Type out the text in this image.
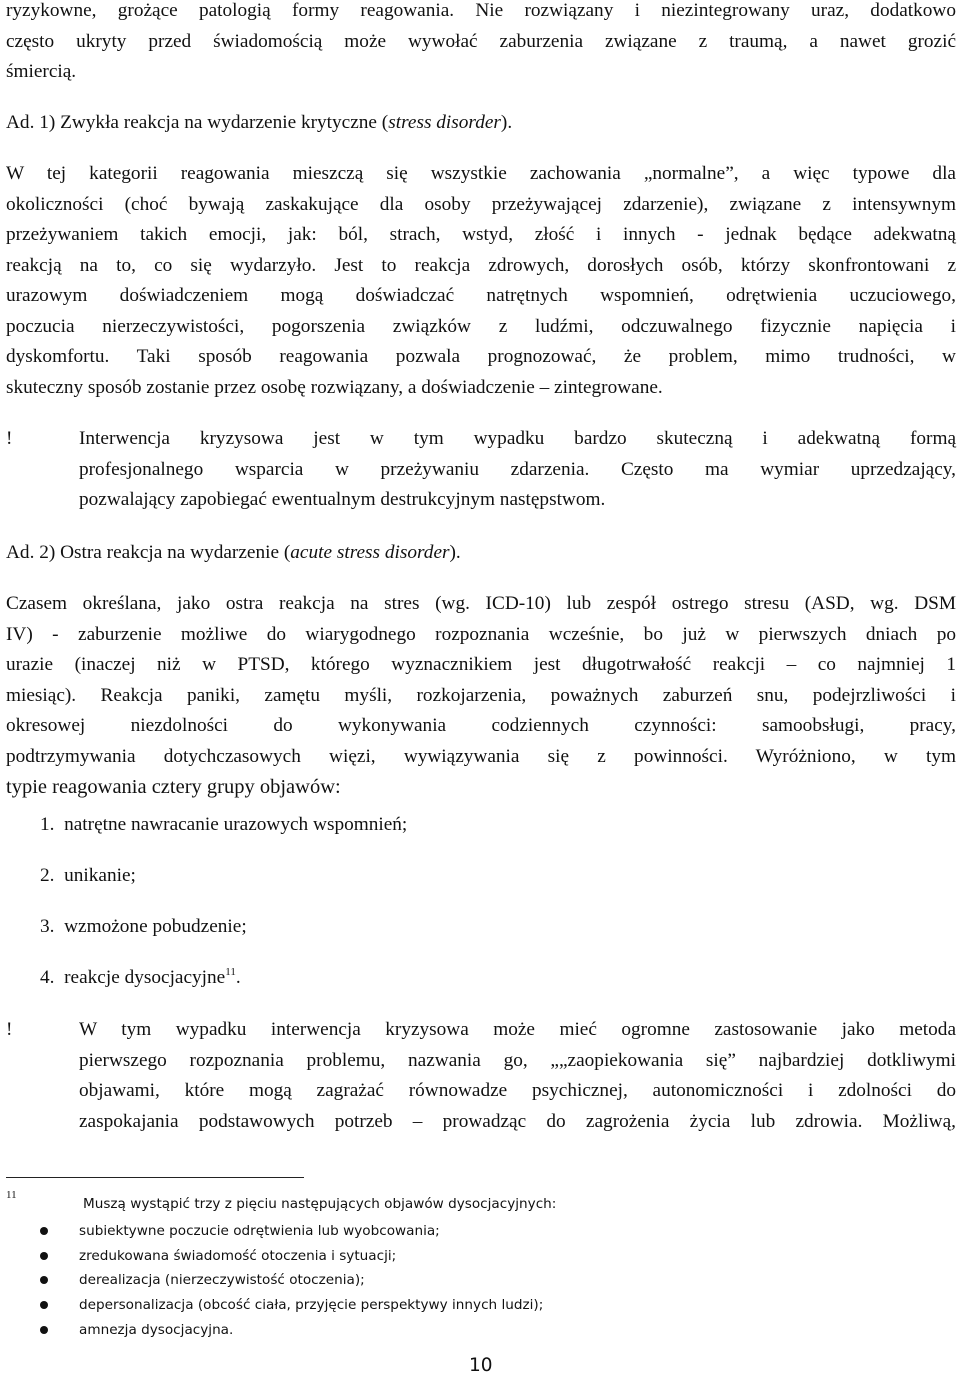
ryzykowne, grożące patologią formy reagowania. Nie rozwiązany i niezintegrowany uraz, dodatkowo
często ukryty przed świadomością może wywołać zaburzenia związane z traumą, a nawet grozić
śmiercią.
Ad. 1) Zwykła reakcja na wydarzenie krytyczne (stress disorder).
W tej kategorii reagowania mieszczą się wszystkie zachowania „normalne”, a więc typowe dla
okoliczności (choć bywają zaskakujące dla osoby przeżywającej zdarzenie), związane z intensywnym
przeżywaniem takich emocji, jak: ból, strach, wstyd, złość i innych - jednak będące adekwatną
reakcją na to, co się wydarzyło. Jest to reakcja zdrowych, dorosłych osób, którzy skonfrontowani z
urazowym doświadczeniem mogą doświadczać natrętnych wspomnień, odrętwienia uczuciowego,
poczucia nierzeczywistości, pogorszenia związków z ludźmi, odczuwalnego fizycznie napięcia i
dyskomfortu. Taki sposób reagowania pozwala prognozować, że problem, mimo trudności, w
skuteczny sposób zostanie przez osobę rozwiązany, a doświadczenie – zintegrowane.
!	Interwencja kryzysowa jest w tym wypadku bardzo skuteczną i adekwatną formą
profesjonalnego wsparcia w przeżywaniu zdarzenia. Często ma wymiar uprzedzający,
pozwalający zapobiegać ewentualnym destrukcyjnym następstwom.
Ad. 2) Ostra reakcja na wydarzenie (acute stress disorder).
Czasem określana, jako ostra reakcja na stres (wg. ICD-10) lub zespół ostrego stresu (ASD, wg. DSM
IV) - zaburzenie możliwe do wiarygodnego rozpoznania wcześnie, bo już w pierwszych dniach po
urazie (inaczej niż w PTSD, którego wyznacznikiem jest długotrwałość reakcji – co najmniej 1
miesiąc). Reakcja paniki, zamętu myśli, rozkojarzenia, poważnych zaburzeń snu, podejrzliwości i
okresowej niezdolności do wykonywania codziennych czynności: samoobsługi, pracy,
podtrzymywania dotychczasowych więzi, wywiązywania się z powinności. Wyróżniono, w tym
typie reagowania cztery grupy objawów:
1. natrętne nawracanie urazowych wspomnień;
2. unikanie;
3. wzmożone pobudzenie;
4. reakcje dysocjacyjne$^{11}$.
!	W tym wypadku interwencja kryzysowa może mieć ogromne zastosowanie jako metoda
pierwszego rozpoznania problemu, nazwania go, „„zaopiekowania się” najbardziej dotkliwymi
objawami, które mogą zagrażać równowadze psychicznej, autonomiczności i zdolności do
zaspokajania podstawowych potrzeb – prowadząc do zagrożenia życia lub zdrowia. Możliwą,
11
Muszą wystąpić trzy z pięciu następujących objawów dysocjacyjnych:
subiektywne poczucie odrętwienia lub wyobcowania;
zredukowana świadomość otoczenia i sytuacji;
derealizacja (nierzeczywistość otoczenia);
depersonalizacja (obcość ciała, przyjęcie perspektywy innych ludzi);
amnezja dysocjacyjna.
10
